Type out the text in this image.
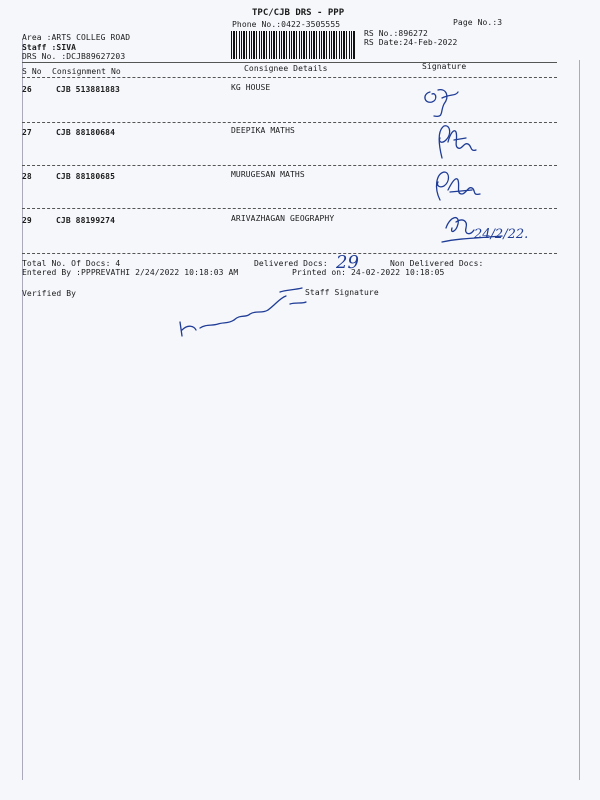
TPC/CJB DRS - PPP
Phone No.:0422-3505555	Page No.:3
Area :ARTS COLLEG ROAD
Staff :SIVA
DRS No. :DCJB89627203
RS No.:896272
RS Date:24-Feb-2022
S No Consignment No	Consignee Details	Signature
26	CJB 513881883	KG HOUSE
27	CJB 88180684	DEEPIKA MATHS
28	CJB 88180685	MURUGESAN MATHS
29	CJB 88199274	ARIVAZHAGAN GEOGRAPHY
24/2/22.
Total No. Of Docs: 4	Delivered Docs: 29	Non Delivered Docs:
Entered By :PPPREVATHI 2/24/2022 10:18:03 AM	Printed on: 24-02-2022 10:18:05
Verified By	Staff Signature
